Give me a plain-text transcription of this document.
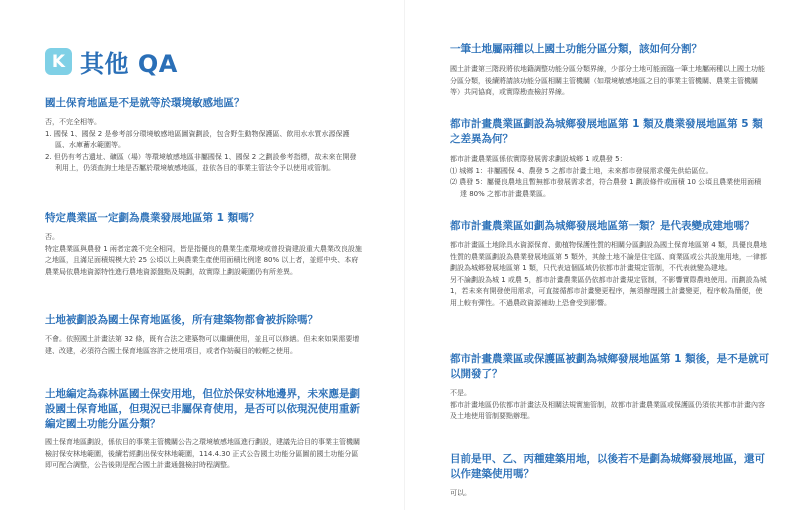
K 其他 QA
國土保育地區是不是就等於環境敏感地區？

否，不完全相等。

1. 國保 1、國保 2 是參考部分環境敏感地區圖資劃設，包含野生動物保護區、飲用水水質水源保護區、水庫蓄水範圍等。

2. 但仍有考古遺址、礦區（場）等環境敏感地區非屬國保 1、國保 2 之劃設參考指標，故未來在開發利用上，仍須查詢土地是否屬於環境敏感地區，並依各目的事業主管法令予以使用或管制。

特定農業區一定劃為農業發展地區第 1 類嗎？

否。

特定農業區與農發 1 兩者定義不完全相同，皆是指優良的農業生產環境或曾投資建設重大農業改良設施之地區，且滿足面積規模大於 25 公頃以上與農業生產使用面積比例達 80% 以上者，並經中央、本府農業局依農地資源特性進行農地資源盤點及規劃，故實際上劃設範圍仍有所差異。

土地被劃設為國土保育地區後，所有建築物都會被拆除嗎？

不會。依照國土計畫法第 32 條，既有合法之建築物可以繼續使用，並且可以修繕。但未來如果需要增建、改建，必須符合國土保育地區容許之使用項目，或者作妨礙目的較輕之使用。

土地編定為森林區國土保安用地，但位於保安林地邊界，未來應是劃設國土保育地區，但現況已非屬保育使用，是否可以依現況使用重新編定國土功能分區分類？

國土保育地區劃設，係依目的事業主管機關公告之環境敏感地區進行劃設，建議先洽目的事業主管機關檢討保安林地範圍，後續若經劃出保安林地範圍，114.4.30 正式公告國土功能分區圖前國土功能分區即可配合調整，公告後則是配合國土計畫通盤檢討時程調整。

一筆土地屬兩種以上國土功能分區分類，該如何分割？

國土計畫第三階段將依地籍調整功能分區分類界線，少部分土地可能面臨一筆土地屬兩種以上國土功能分區分類，後續將請該功能分區相關主管機關（如環境敏感地區之目的事業主管機關、農業主管機關等）共同協商，或實際勘查檢討界線。

都市計畫農業區劃設為城鄉發展地區第 1 類及農業發展地區第 5 類之差異為何？

都市計畫農業區係依實際發展需求劃設城鄉 1 或農發 5：

⑴ 城鄉 1：非屬國保 4、農發 5 之都市計畫土地，未來都市發展需求優先供給區位。

⑵ 農發 5：屬優良農地且暫無都市發展需求者，符合農發 1 劃設條件或面積 10 公頃且農業使用面積達 80% 之都市計畫農業區。

都市計畫農業區如劃為城鄉發展地區第一類？是代表變成建地嗎？

都市計畫區土地除具水資源保育、動植物保護性質的相關分區劃設為國土保育地區第 4 類，具優良農地性質的農業區劃設為農業發展地區第 5 類外，其餘土地不論是住宅區、商業區或公共設施用地，一律都劃設為城鄉發展地區第 1 類，只代表這個區域仍依都市計畫規定管制，不代表就變為建地。

另不論劃設為城 1 或農 5，都市計畫農業區仍依都市計畫規定管制，不影響實際農地使用。而劃設為城 1，若未來有開發使用需求，可直接循都市計畫變更程序，無須辦理國土計畫變更，程序較為簡便，使用上較有彈性。不過農政資源補助上恐會受到影響。

都市計畫農業區或保護區被劃為城鄉發展地區第 1 類後，是不是就可以開發了？

不是。

都市計畫地區仍依都市計畫法及相關法規實施管制，故都市計畫農業區或保護區仍須依其都市計畫內容及土地使用管制要點辦理。

目前是甲、乙、丙種建築用地，以後若不是劃為城鄉發展地區，還可以作建築使用嗎？

可以。
